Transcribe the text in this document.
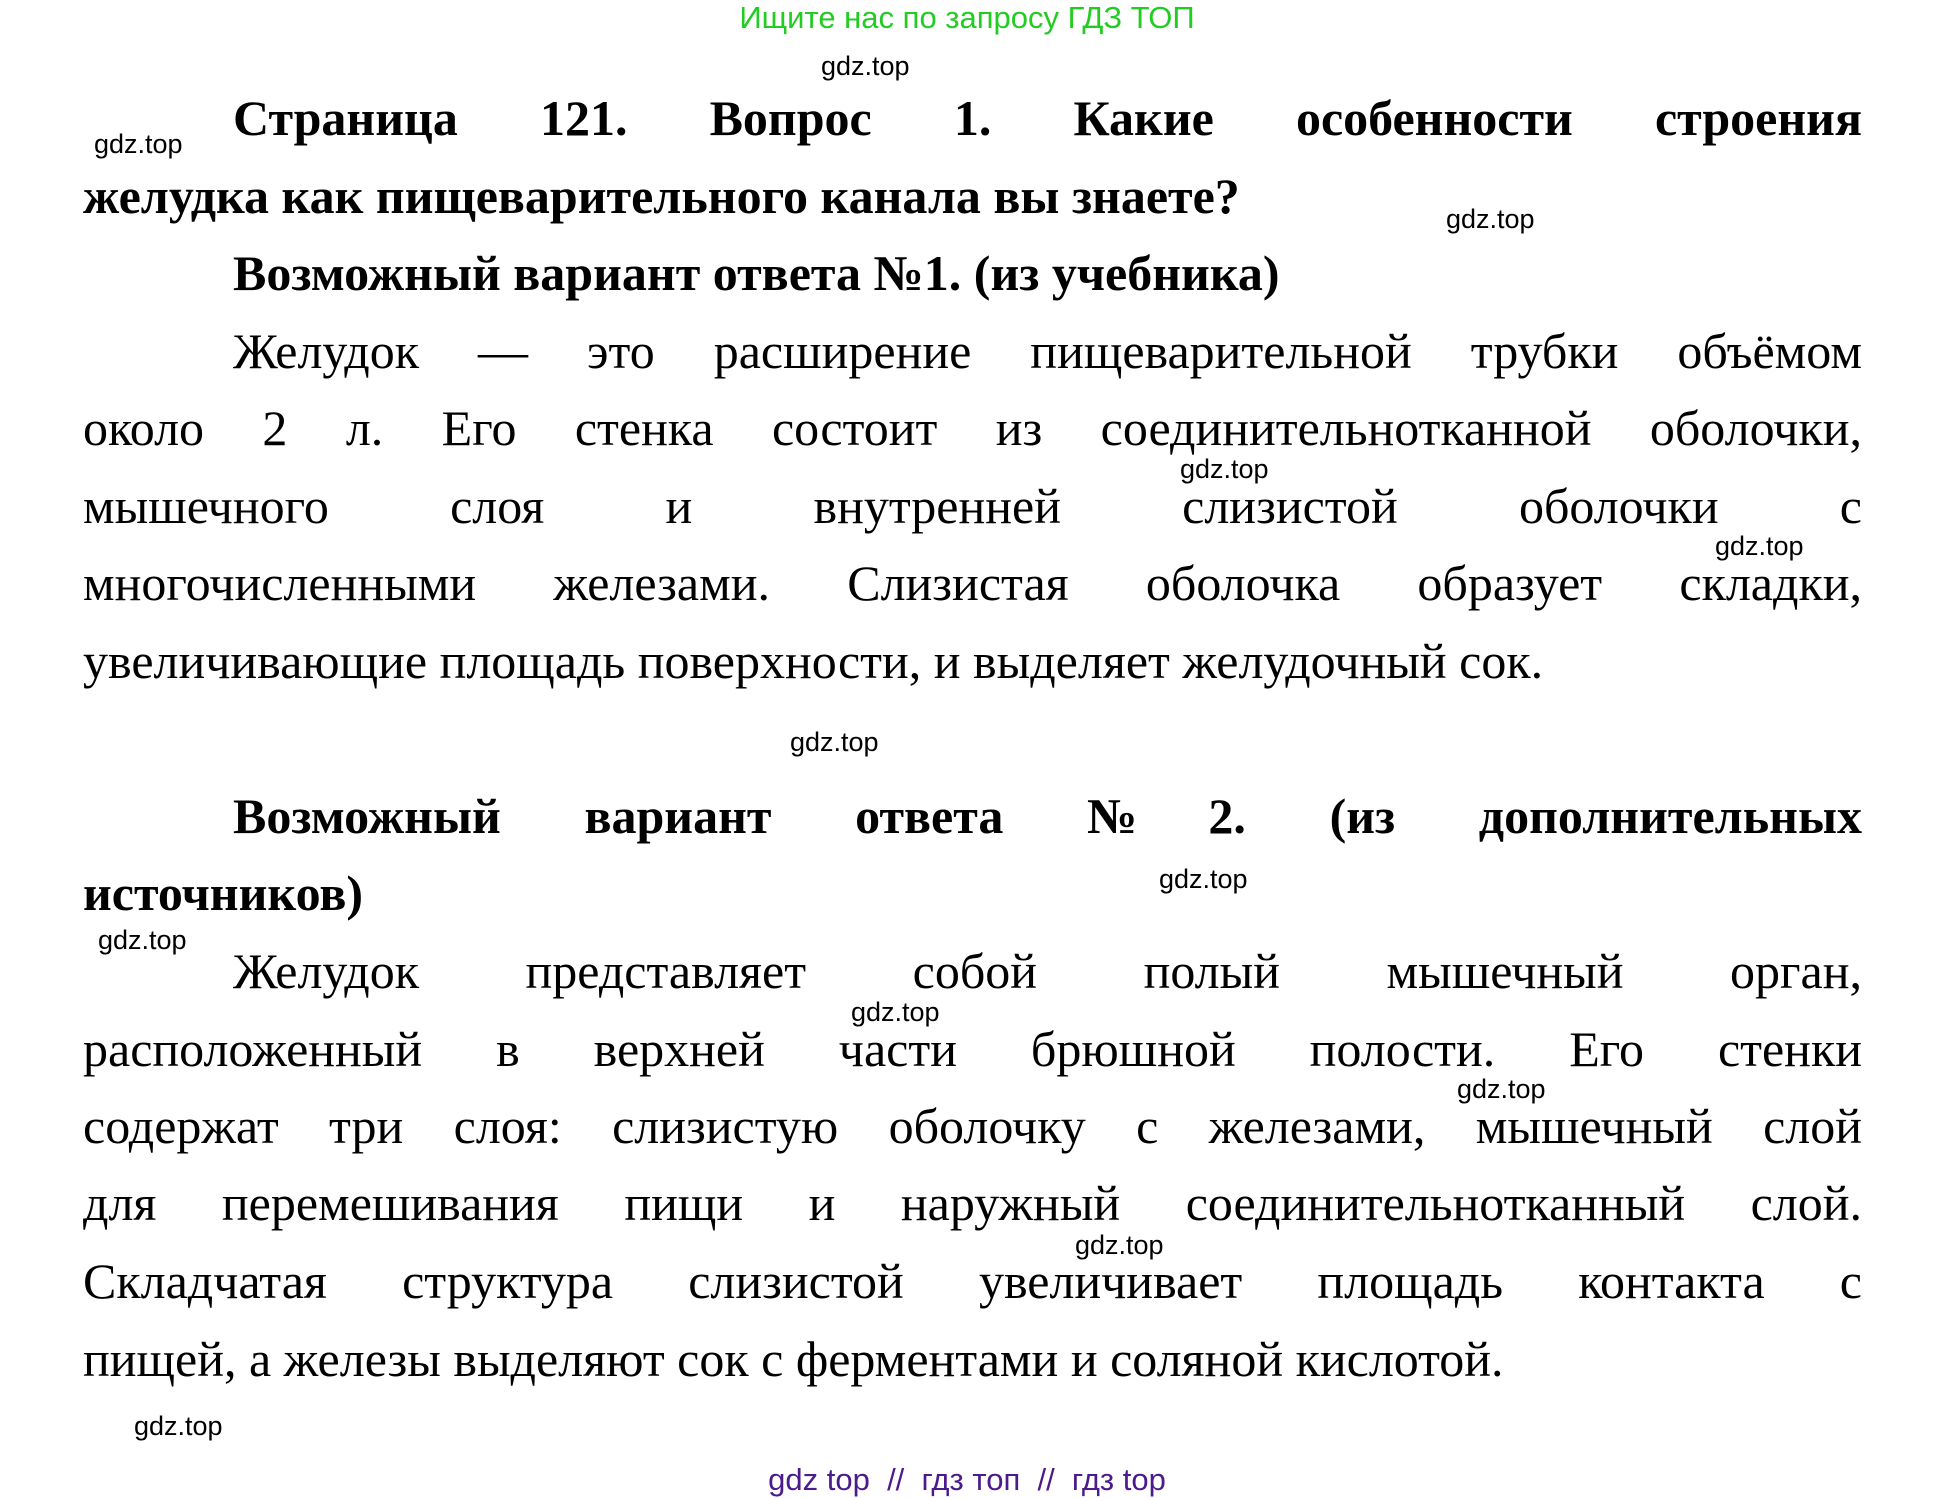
Ищите нас по запросу ГДЗ ТОП
Страница 121. Вопрос 1. Какие особенности строения
желудка как пищеварительного канала вы знаете?
Возможный вариант ответа №1. (из учебника)
Желудок — это расширение пищеварительной трубки объёмом
около 2 л. Его стенка состоит из соединительнотканной оболочки,
мышечного слоя и внутренней слизистой оболочки с
многочисленными железами. Слизистая оболочка образует складки,
увеличивающие площадь поверхности, и выделяет желудочный сок.
Возможный вариант ответа №2. (из дополнительных
источников)
Желудок представляет собой полый мышечный орган,
расположенный в верхней части брюшной полости. Его стенки
содержат три слоя: слизистую оболочку с железами, мышечный слой
для перемешивания пищи и наружный соединительнотканный слой.
Складчатая структура слизистой увеличивает площадь контакта с
пищей, а железы выделяют сок с ферментами и соляной кислотой.
gdz.top
gdz.top
gdz.top
gdz.top
gdz.top
gdz.top
gdz.top
gdz.top
gdz.top
gdz.top
gdz.top
gdz.top
gdz top  //  гдз топ  //  гдз top
